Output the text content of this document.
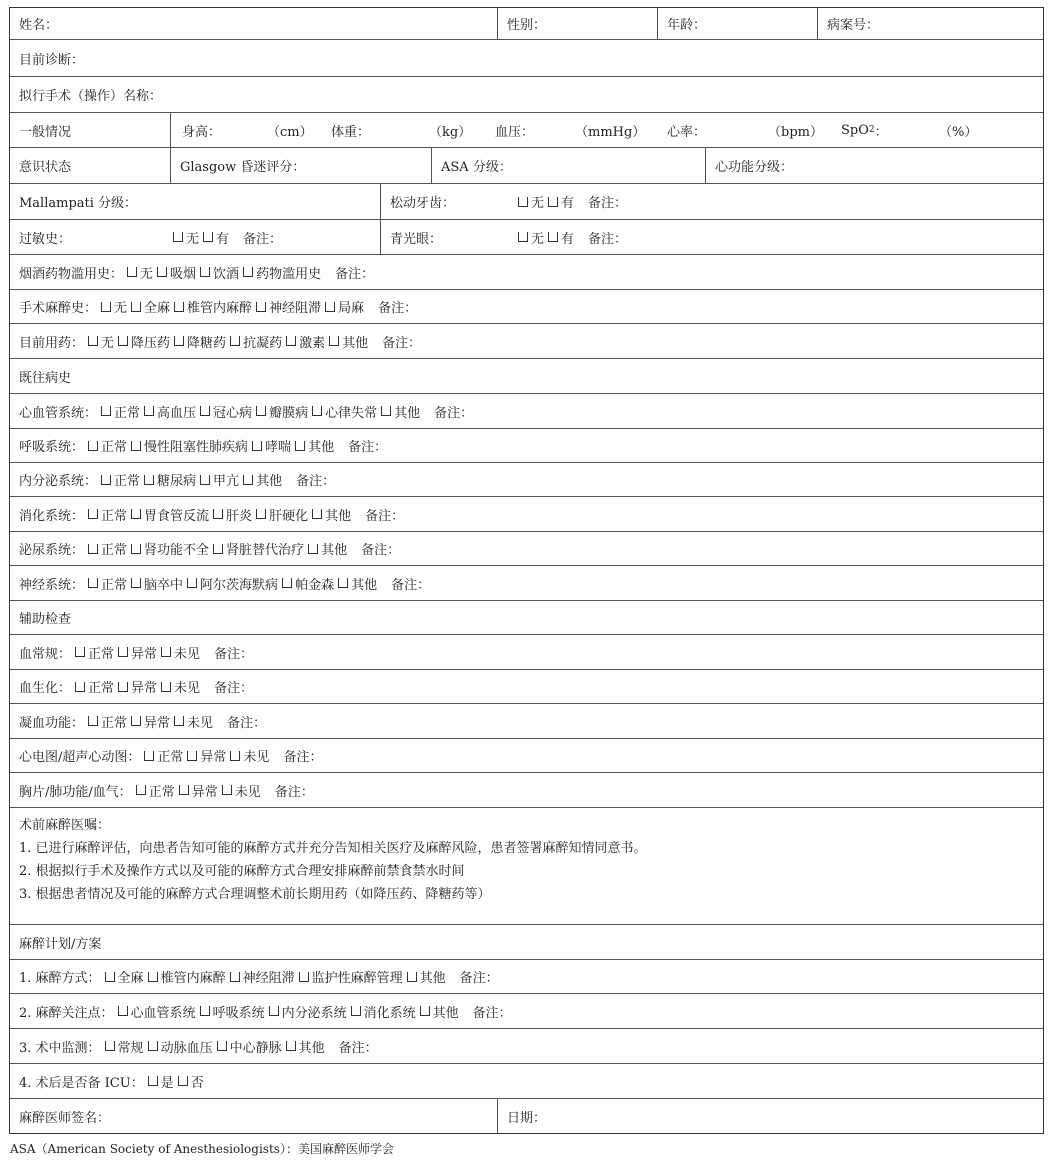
姓名：	性别：	年龄：	病案号：
目前诊断：
拟行手术（操作）名称：
一般情况	身高：	（cm） 体重：	（kg） 血压：	（mmHg） 心率：	（bpm） SpO 2 ：	（%）
意识状态	Glasgow 昏迷评分：	ASA 分级：	心功能分级：
Mallampati 分级：	松动牙齿：	无 有 备注：
过敏史：	无 有 备注：	青光眼：	无 有 备注：
烟酒药物滥用史： 无 吸烟 饮酒 药物滥用史 备注：
手术麻醉史： 无 全麻 椎管内麻醉 神经阻滞 局麻 备注：
目前用药： 无 降压药 降糖药 抗凝药 激素 其他 备注：
既往病史
心血管系统： 正常 高血压 冠心病 瓣膜病 心律失常 其他 备注：
呼吸系统： 正常 慢性阻塞性肺疾病 哮喘 其他 备注：
内分泌系统： 正常 糖尿病 甲亢 其他 备注：
消化系统： 正常 胃食管反流 肝炎 肝硬化 其他 备注：
泌尿系统： 正常 肾功能不全 肾脏替代治疗 其他 备注：
神经系统： 正常 脑卒中 阿尔茨海默病 帕金森 其他 备注：
辅助检查
血常规： 正常 异常 未见 备注：
血生化： 正常 异常 未见 备注：
凝血功能： 正常 异常 未见 备注：
心电图/超声心动图： 正常 异常 未见 备注：
胸片/肺功能/血气： 正常 异常 未见 备注：
术前麻醉医嘱：
1. 已进行麻醉评估，向患者告知可能的麻醉方式并充分告知相关医疗及麻醉风险，患者签署麻醉知情同意书。
2. 根据拟行手术及操作方式以及可能的麻醉方式合理安排麻醉前禁食禁水时间
3. 根据患者情况及可能的麻醉方式合理调整术前长期用药（如降压药、降糖药等）
麻醉计划/方案
1. 麻醉方式： 全麻 椎管内麻醉 神经阻滞 监护性麻醉管理 其他 备注：
2. 麻醉关注点： 心血管系统 呼吸系统 内分泌系统 消化系统 其他 备注：
3. 术中监测： 常规 动脉血压 中心静脉 其他 备注：
4. 术后是否备 ICU： 是 否
麻醉医师签名：	日期：
ASA（American Society of Anesthesiologists）：美国麻醉医师学会
